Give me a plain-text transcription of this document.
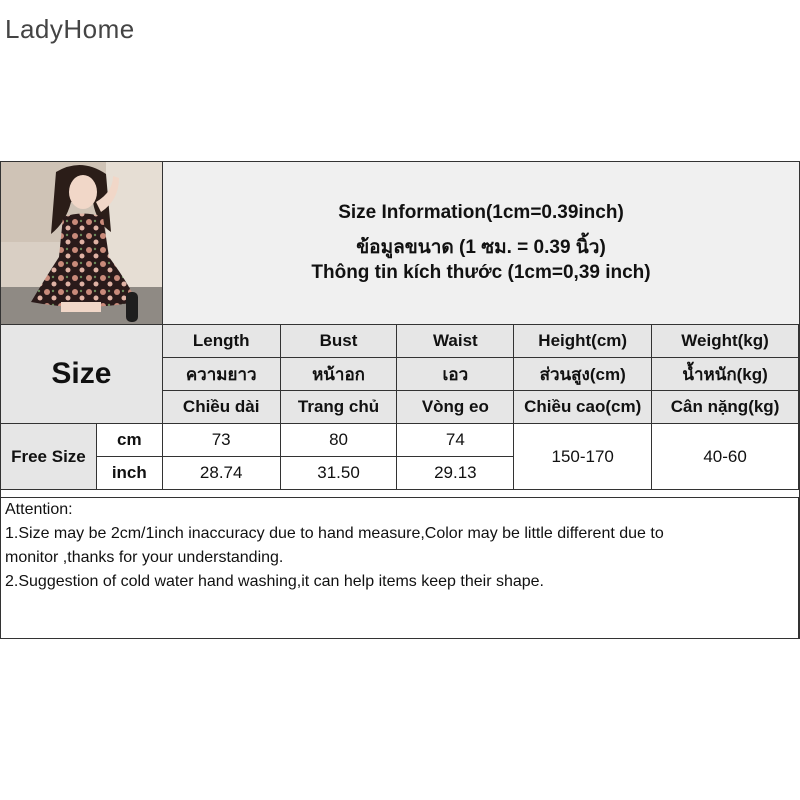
LadyHome
Size Information(1cm=0.39inch)
ข้อมูลขนาด (1 ซม. = 0.39 นิ้ว)
Thông tin kích thước (1cm=0,39 inch)
Size		Length	Bust	Waist	Height(cm)	Weight(kg)
		ความยาว	หน้าอก	เอว	ส่วนสูง(cm)	น้ำหนัก(kg)
		Chiều dài	Trang chủ	Vòng eo	Chiều cao(cm)	Cân nặng(kg)
Free Size	cm	73	80	74	150-170	40-60
	inch	28.74	31.50	29.13		
Attention:
1.Size may be 2cm/1inch inaccuracy due to hand measure,Color may be little different due to
monitor ,thanks for your understanding.
2.Suggestion of cold water hand washing,it can help items keep their shape.
